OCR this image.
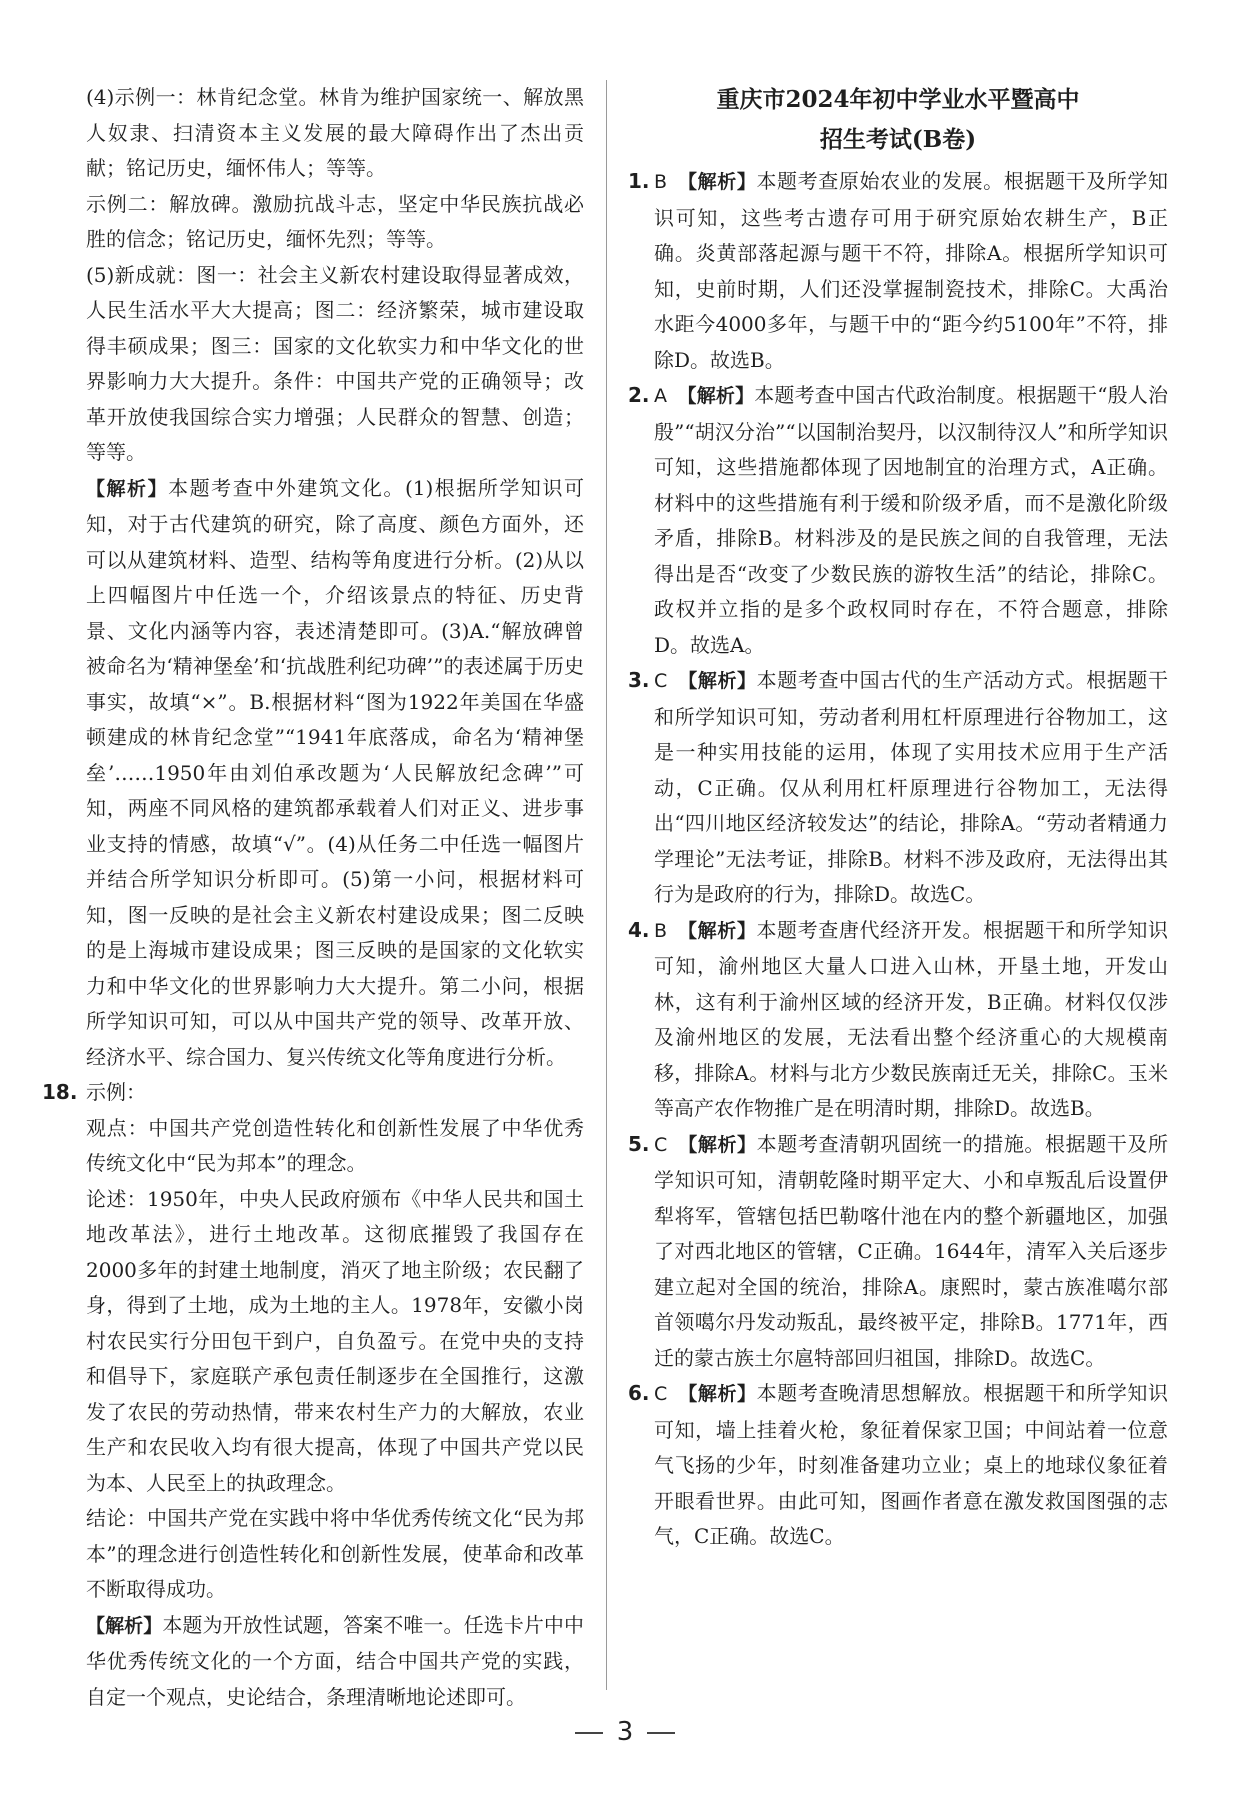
(4)示例一：林肯纪念堂。林肯为维护国家统一、解放黑人奴隶、扫清资本主义发展的最大障碍作出了杰出贡献；铭记历史，缅怀伟人；等等。

示例二：解放碑。激励抗战斗志，坚定中华民族抗战必胜的信念；铭记历史，缅怀先烈；等等。

(5)新成就：图一：社会主义新农村建设取得显著成效，人民生活水平大大提高；图二：经济繁荣，城市建设取得丰硕成果；图三：国家的文化软实力和中华文化的世界影响力大大提升。条件：中国共产党的正确领导；改革开放使我国综合实力增强；人民群众的智慧、创造；等等。

【解析】本题考查中外建筑文化。(1)根据所学知识可知，对于古代建筑的研究，除了高度、颜色方面外，还可以从建筑材料、造型、结构等角度进行分析。(2)从以上四幅图片中任选一个，介绍该景点的特征、历史背景、文化内涵等内容，表述清楚即可。(3)A.“解放碑曾被命名为‘精神堡垒’和‘抗战胜利纪功碑’”的表述属于历史事实，故填“×”。B.根据材料“图为1922年美国在华盛顿建成的林肯纪念堂”“1941年底落成，命名为‘精神堡垒’……1950年由刘伯承改题为‘人民解放纪念碑’”可知，两座不同风格的建筑都承载着人们对正义、进步事业支持的情感，故填“√”。(4)从任务二中任选一幅图片并结合所学知识分析即可。(5)第一小问，根据材料可知，图一反映的是社会主义新农村建设成果；图二反映的是上海城市建设成果；图三反映的是国家的文化软实力和中华文化的世界影响力大大提升。第二小问，根据所学知识可知，可以从中国共产党的领导、改革开放、经济水平、综合国力、复兴传统文化等角度进行分析。

18. 示例：

观点：中国共产党创造性转化和创新性发展了中华优秀传统文化中“民为邦本”的理念。

论述：1950年，中央人民政府颁布《中华人民共和国土地改革法》，进行土地改革。这彻底摧毁了我国存在2000多年的封建土地制度，消灭了地主阶级；农民翻了身，得到了土地，成为土地的主人。1978年，安徽小岗村农民实行分田包干到户，自负盈亏。在党中央的支持和倡导下，家庭联产承包责任制逐步在全国推行，这激发了农民的劳动热情，带来农村生产力的大解放，农业生产和农民收入均有很大提高，体现了中国共产党以民为本、人民至上的执政理念。

结论：中国共产党在实践中将中华优秀传统文化“民为邦本”的理念进行创造性转化和创新性发展，使革命和改革不断取得成功。

【解析】本题为开放性试题，答案不唯一。任选卡片中中华优秀传统文化的一个方面，结合中国共产党的实践，自定一个观点，史论结合，条理清晰地论述即可。

重庆市2024年初中学业水平暨高中

招生考试(B卷)

1. B 【解析】本题考查原始农业的发展。根据题干及所学知识可知，这些考古遗存可用于研究原始农耕生产，B正确。炎黄部落起源与题干不符，排除A。根据所学知识可知，史前时期，人们还没掌握制瓷技术，排除C。大禹治水距今4000多年，与题干中的“距今约5100年”不符，排除D。故选B。

2. A 【解析】本题考查中国古代政治制度。根据题干“殷人治殷”“胡汉分治”“以国制治契丹，以汉制待汉人”和所学知识可知，这些措施都体现了因地制宜的治理方式，A正确。材料中的这些措施有利于缓和阶级矛盾，而不是激化阶级矛盾，排除B。材料涉及的是民族之间的自我管理，无法得出是否“改变了少数民族的游牧生活”的结论，排除C。政权并立指的是多个政权同时存在，不符合题意，排除D。故选A。

3. C 【解析】本题考查中国古代的生产活动方式。根据题干和所学知识可知，劳动者利用杠杆原理进行谷物加工，这是一种实用技能的运用，体现了实用技术应用于生产活动，C正确。仅从利用杠杆原理进行谷物加工，无法得出“四川地区经济较发达”的结论，排除A。“劳动者精通力学理论”无法考证，排除B。材料不涉及政府，无法得出其行为是政府的行为，排除D。故选C。

4. B 【解析】本题考查唐代经济开发。根据题干和所学知识可知，渝州地区大量人口进入山林，开垦土地，开发山林，这有利于渝州区域的经济开发，B正确。材料仅仅涉及渝州地区的发展，无法看出整个经济重心的大规模南移，排除A。材料与北方少数民族南迁无关，排除C。玉米等高产农作物推广是在明清时期，排除D。故选B。

5. C 【解析】本题考查清朝巩固统一的措施。根据题干及所学知识可知，清朝乾隆时期平定大、小和卓叛乱后设置伊犁将军，管辖包括巴勒喀什池在内的整个新疆地区，加强了对西北地区的管辖，C正确。1644年，清军入关后逐步建立起对全国的统治，排除A。康熙时，蒙古族准噶尔部首领噶尔丹发动叛乱，最终被平定，排除B。1771年，西迁的蒙古族土尔扈特部回归祖国，排除D。故选C。

6. C 【解析】本题考查晚清思想解放。根据题干和所学知识可知，墙上挂着火枪，象征着保家卫国；中间站着一位意气飞扬的少年，时刻准备建功立业；桌上的地球仪象征着开眼看世界。由此可知，图画作者意在激发救国图强的志气，C正确。故选C。

3
